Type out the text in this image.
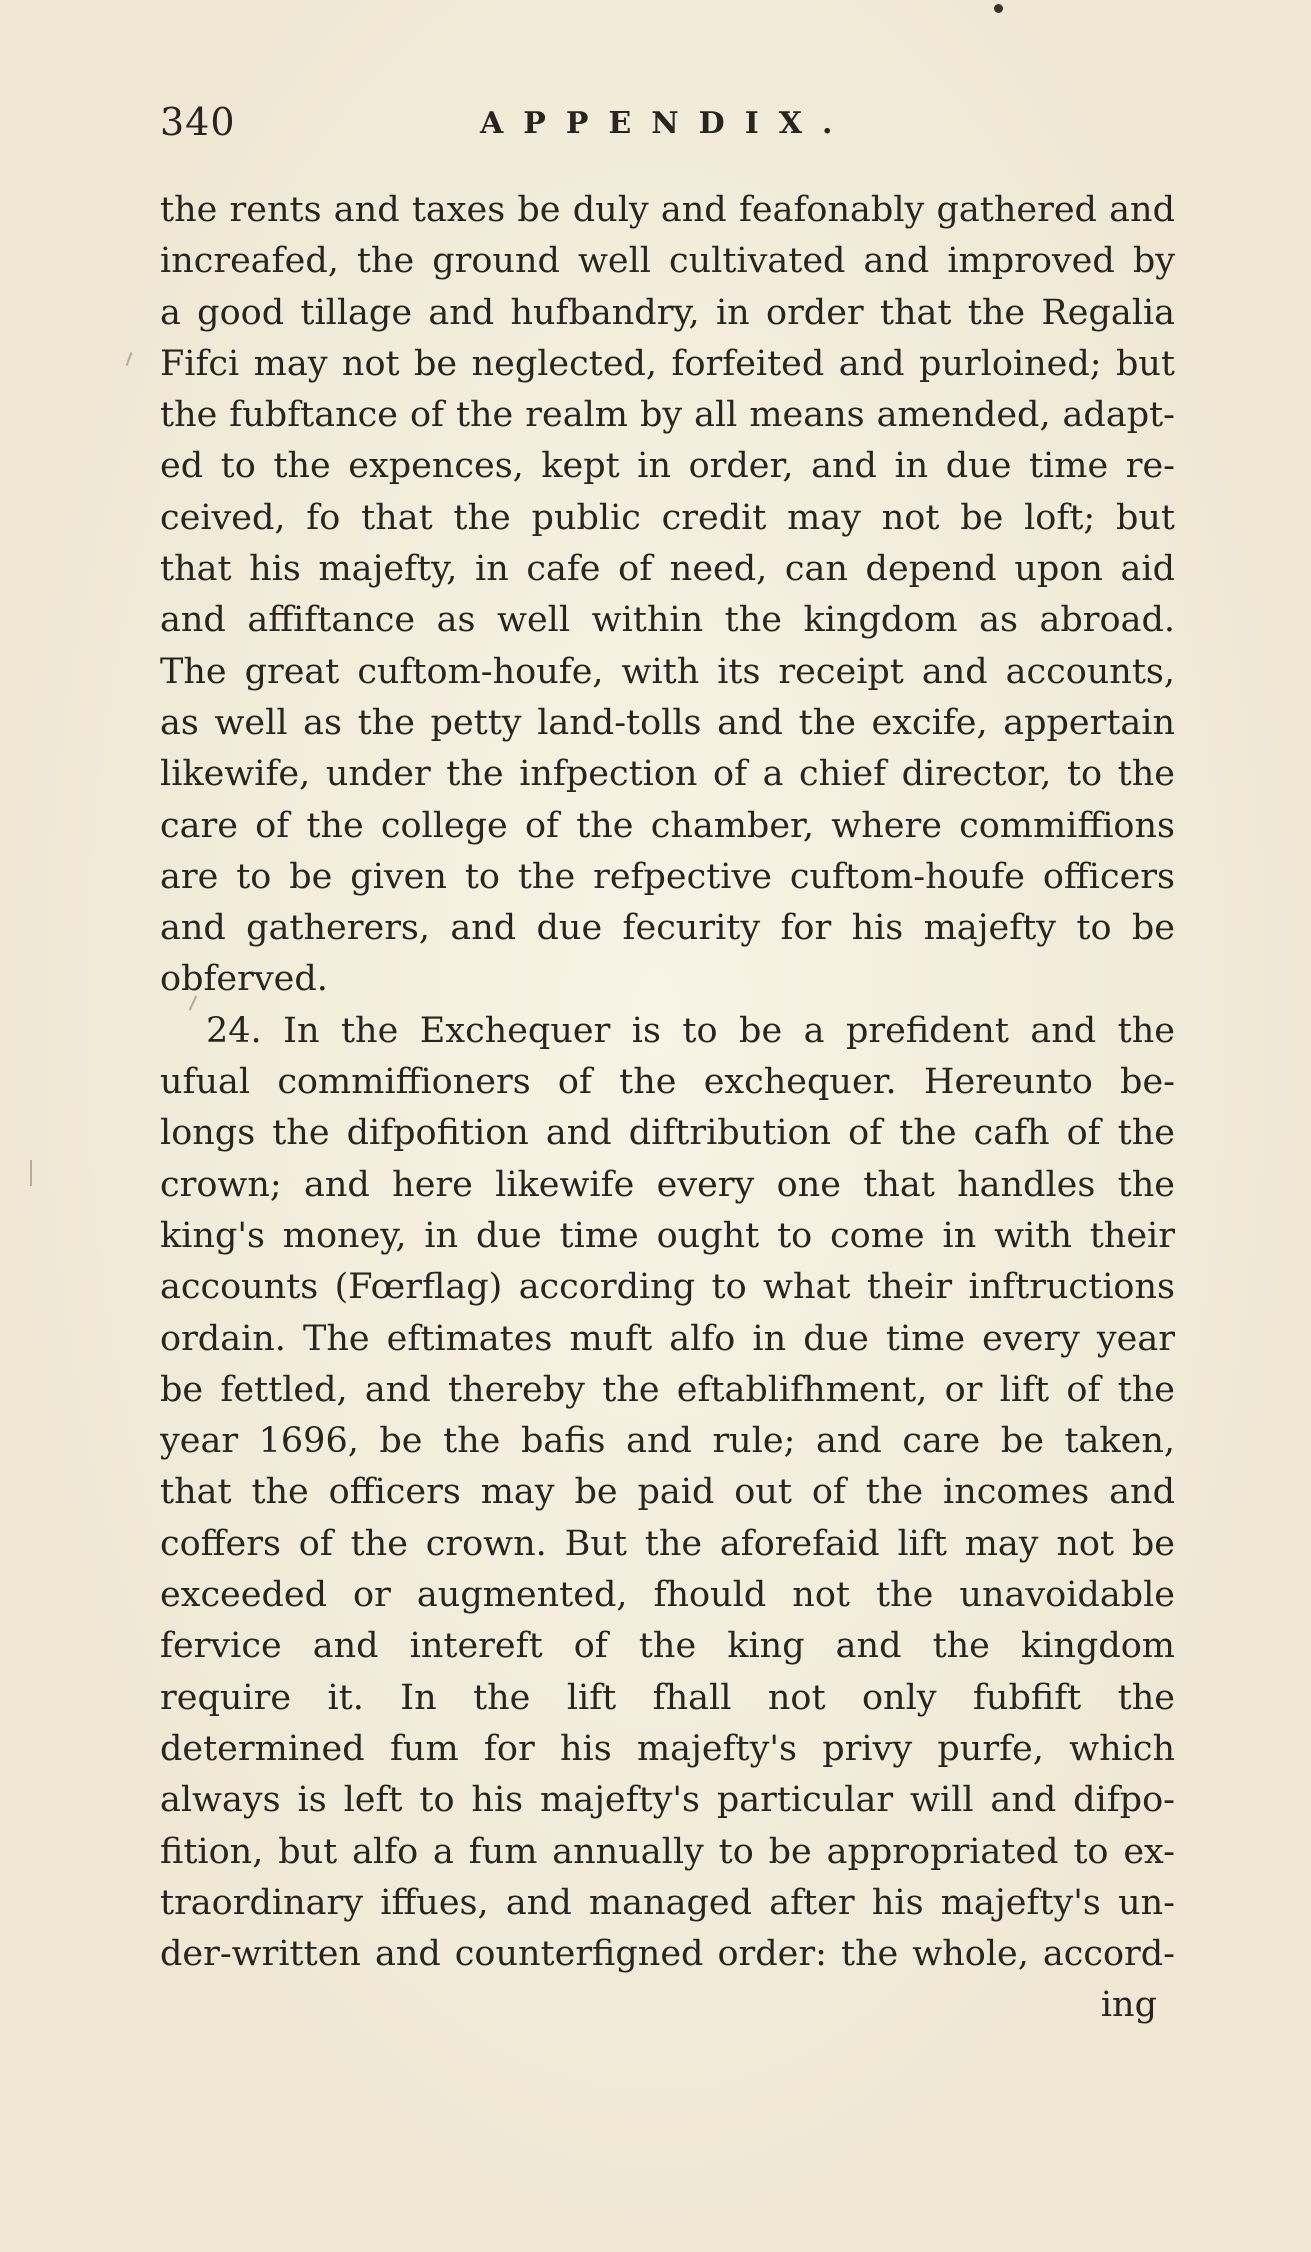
340	APPENDIX.
the rents and taxes be duly and feafonably gathered and
increafed, the ground well cultivated and improved by
a good tillage and hufbandry, in order that the Regalia
Fifci may not be neglected, forfeited and purloined; but
the fubftance of the realm by all means amended, adapt-
ed to the expences, kept in order, and in due time re-
ceived, fo that the public credit may not be loft; but
that his majefty, in cafe of need, can depend upon aid
and affiftance as well within the kingdom as abroad.
The great cuftom-houfe, with its receipt and accounts,
as well as the petty land-tolls and the excife, appertain
likewife, under the infpection of a chief director, to the
care of the college of the chamber, where commiffions
are to be given to the refpective cuftom-houfe officers
and gatherers, and due fecurity for his majefty to be
obferved.
24. In the Exchequer is to be a prefident and the
ufual commiffioners of the exchequer. Hereunto be-
longs the difpofition and diftribution of the cafh of the
crown; and here likewife every one that handles the
king's money, in due time ought to come in with their
accounts (Fœrflag) according to what their inftructions
ordain. The eftimates muft alfo in due time every year
be fettled, and thereby the eftablifhment, or lift of the
year 1696, be the bafis and rule; and care be taken,
that the officers may be paid out of the incomes and
coffers of the crown. But the aforefaid lift may not be
exceeded or augmented, fhould not the unavoidable
fervice and intereft of the king and the kingdom
require it. In the lift fhall not only fubfift the
determined fum for his majefty's privy purfe, which
always is left to his majefty's particular will and difpo-
fition, but alfo a fum annually to be appropriated to ex-
traordinary iffues, and managed after his majefty's un-
der-written and counterfigned order: the whole, accord-
ing
